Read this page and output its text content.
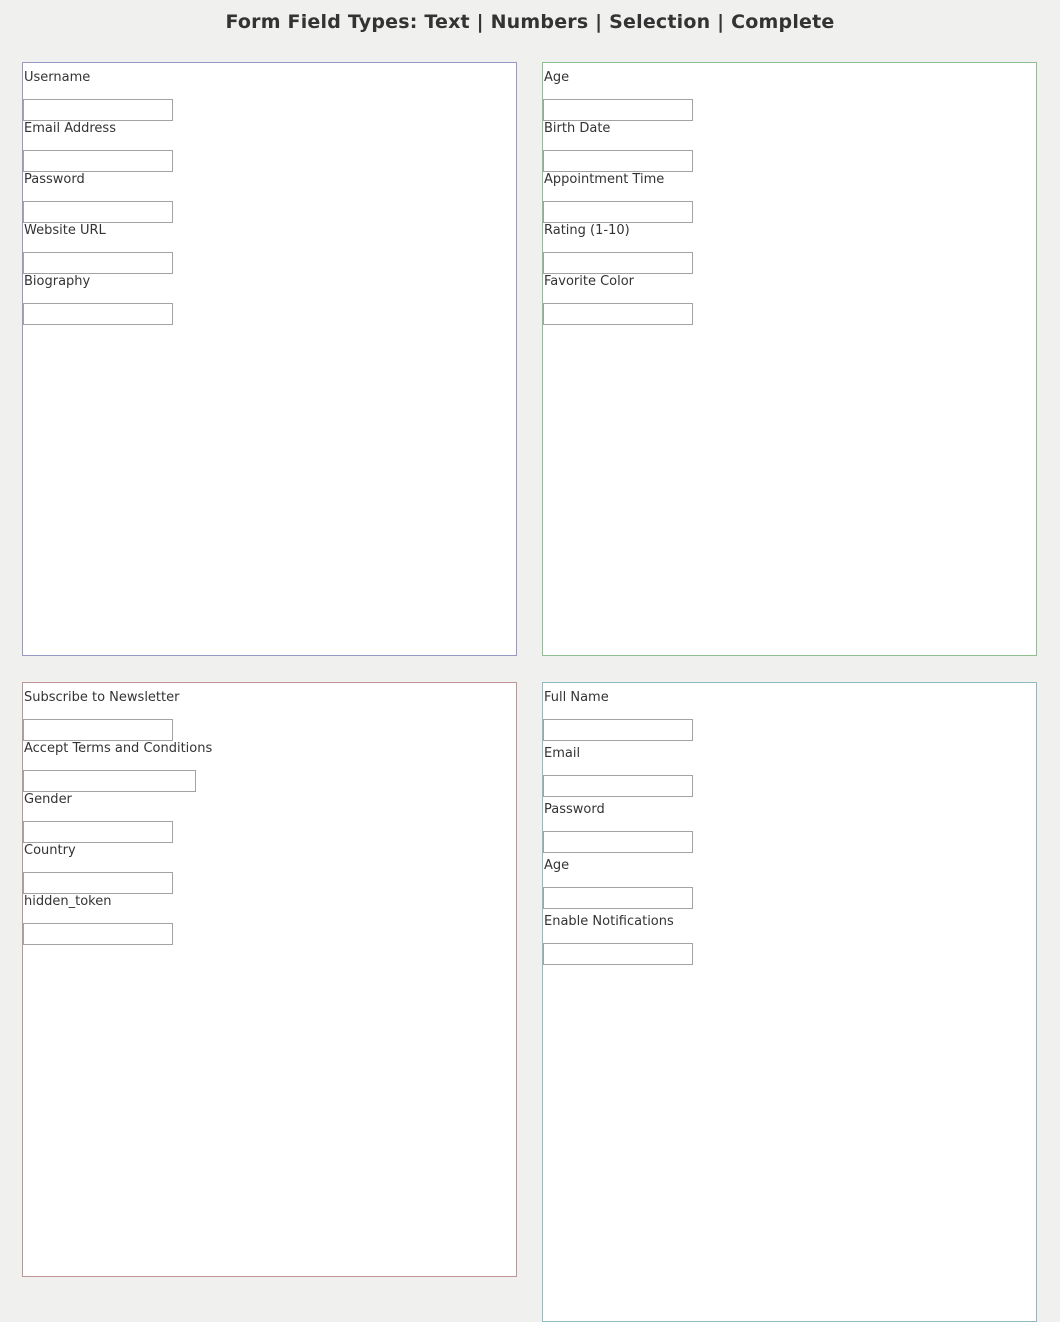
Form Field Types: Text | Numbers | Selection | Complete
Username
Email Address
Password
Website URL
Biography
Age
Birth Date
Appointment Time
Rating (1-10)
Favorite Color
Subscribe to Newsletter
Accept Terms and Conditions
Gender
Country
hidden_token
Full Name
Email
Password
Age
Enable Notifications
